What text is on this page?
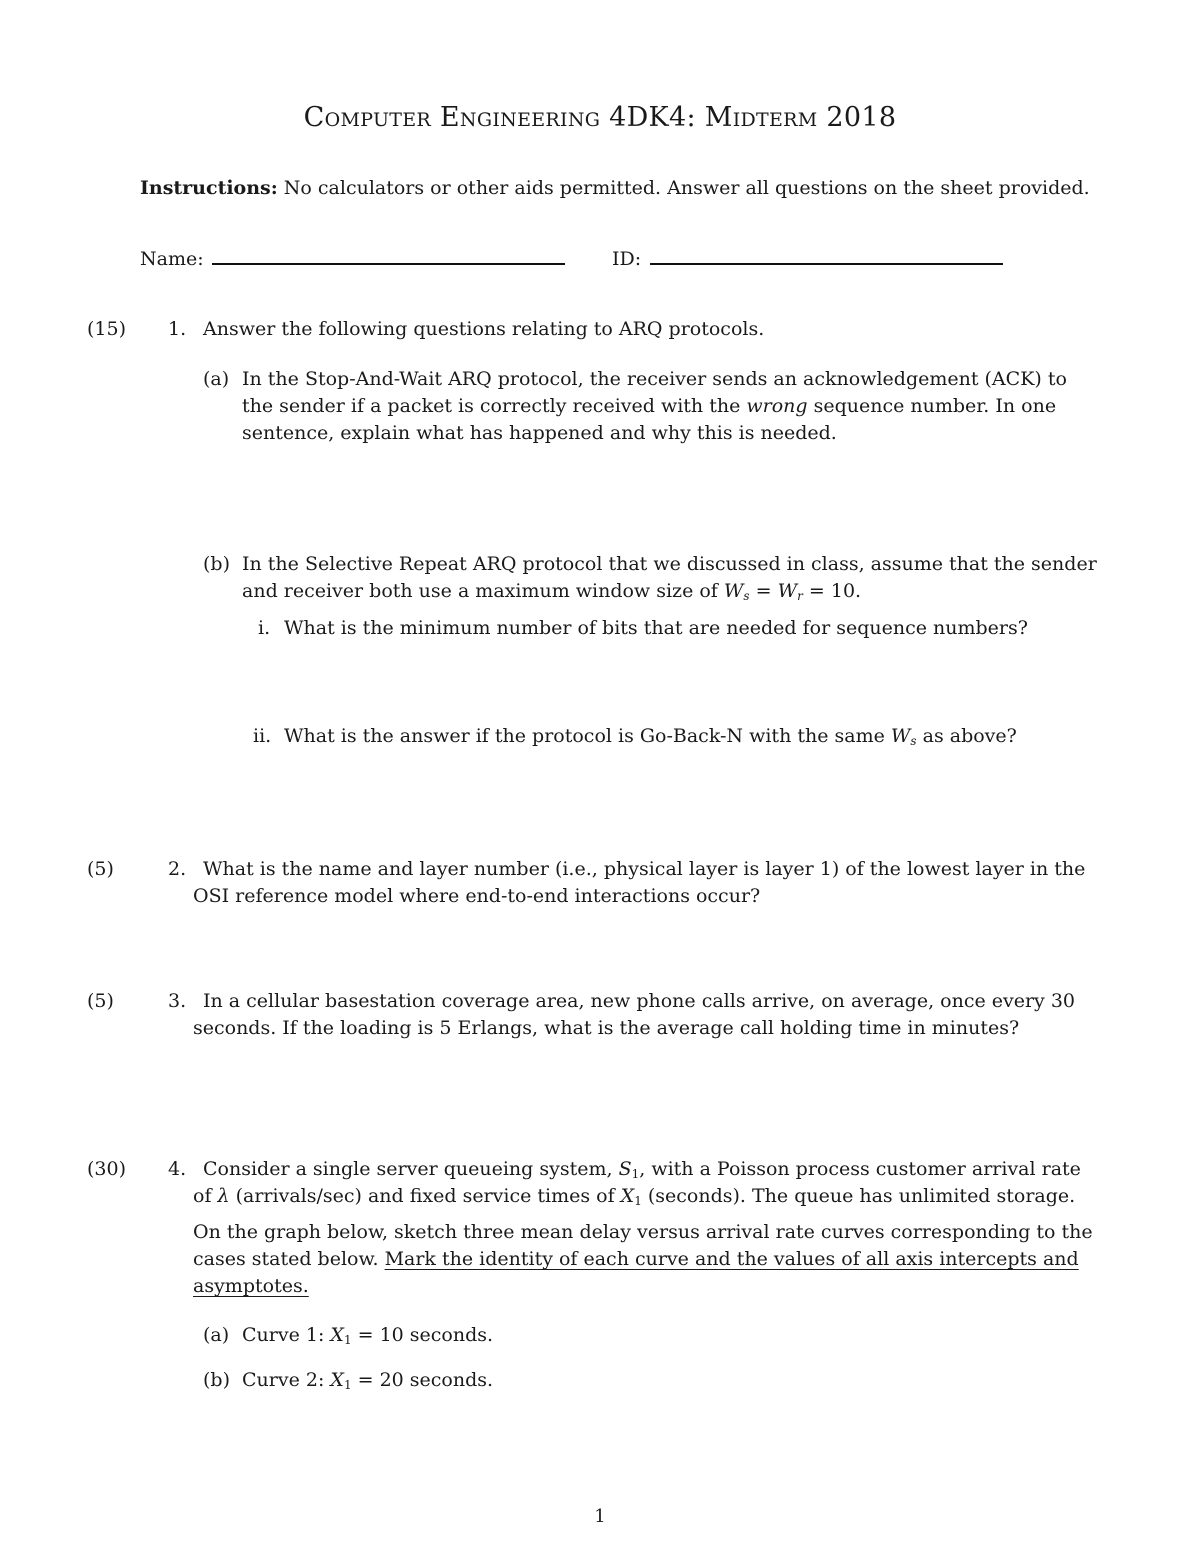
Computer Engineering 4DK4: Midterm 2018
Instructions: No calculators or other aids permitted. Answer all questions on the sheet provided.
Name:	ID:
(15) 1. Answer the following questions relating to ARQ protocols.
(a) In the Stop-And-Wait ARQ protocol, the receiver sends an acknowledgement (ACK) to
the sender if a packet is correctly received with the wrong sequence number. In one
sentence, explain what has happened and why this is needed.
(b) In the Selective Repeat ARQ protocol that we discussed in class, assume that the sender
and receiver both use a maximum window size of $W_s = W_r = 10$.
i. What is the minimum number of bits that are needed for sequence numbers?
ii. What is the answer if the protocol is Go-Back-N with the same $W_s$ as above?
(5)	2. What is the name and layer number (i.e., physical layer is layer 1) of the lowest layer in the
OSI reference model where end-to-end interactions occur?
(5)	3. In a cellular basestation coverage area, new phone calls arrive, on average, once every 30
seconds. If the loading is 5 Erlangs, what is the average call holding time in minutes?
(30) 4. Consider a single server queueing system, $S_1$, with a Poisson process customer arrival rate
of λ (arrivals/sec) and fixed service times of $X_1$ (seconds). The queue has unlimited storage.
On the graph below, sketch three mean delay versus arrival rate curves corresponding to the
cases stated below. Mark the identity of each curve and the values of all axis intercepts and
asymptotes.
(a) Curve 1: $X_1 = 10$ seconds.
(b) Curve 2: $X_1 = 20$ seconds.
1
